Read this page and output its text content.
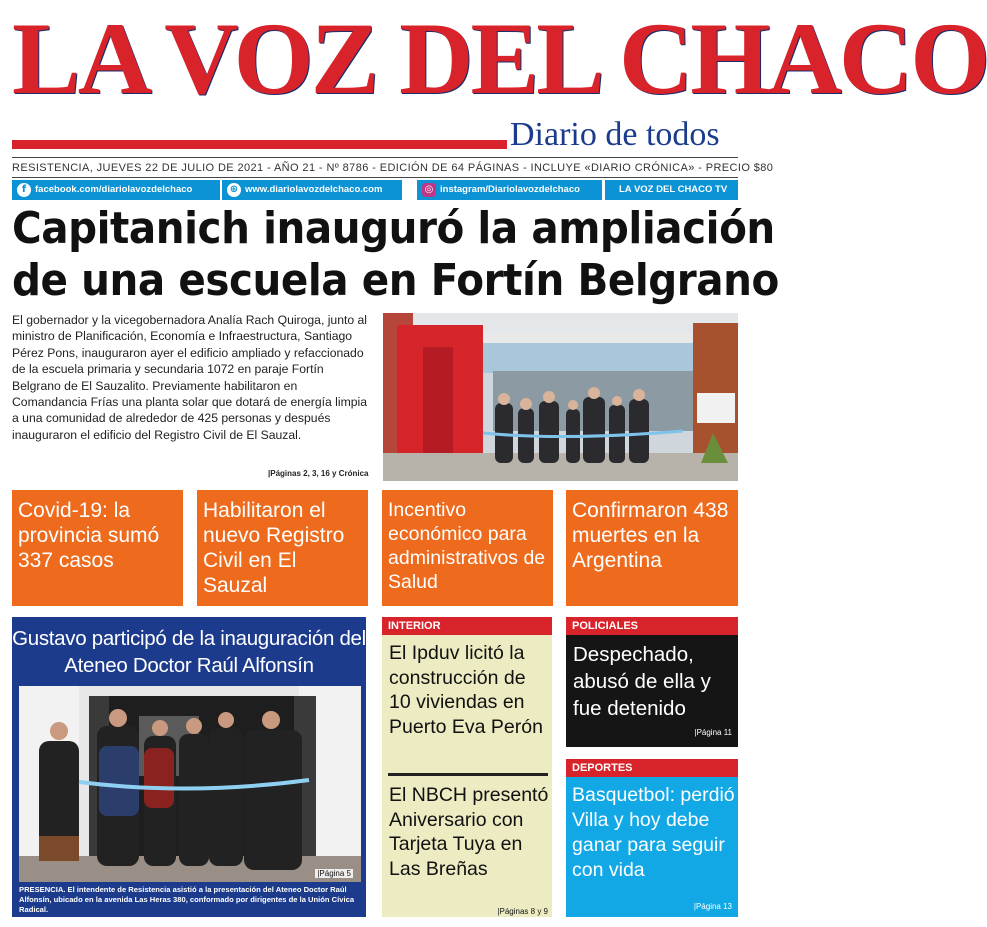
LA VOZ DEL CHACO
Diario de todos
RESISTENCIA, JUEVES 22 DE JULIO DE 2021 - AÑO 21 - Nº 8786 - EDICIÓN DE 64 PÁGINAS - INCLUYE «DIARIO CRÓNICA» - PRECIO $80
f facebook.com/diariolavozdelchaco	⊕ www.diariolavozdelchaco.com	◎ instagram/Diariolavozdelchaco	LA VOZ DEL CHACO TV
Capitanich inauguró la ampliación
de una escuela en Fortín Belgrano
El gobernador y la vicegobernadora Analía Rach Quiroga, junto al ministro de Planificación, Economía e Infraestructura, Santiago Pérez Pons, inauguraron ayer el edificio ampliado y refaccionado de la escuela primaria y secundaria 1072 en paraje Fortín Belgrano de El Sauzalito. Previamente habilitaron en Comandancia Frías una planta solar que dotará de energía limpia a una comunidad de alrededor de 425 personas y después inauguraron el edificio del Registro Civil de El Sauzal.
|Páginas 2, 3, 16 y Crónica
Covid-19: la provincia sumó 337 casos
Habilitaron el nuevo Registro Civil en El Sauzal
Incentivo económico para administrativos de Salud
Confirmaron 438 muertes en la Argentina
Gustavo participó de la inauguración del Ateneo Doctor Raúl Alfonsín
|Página 5
PRESENCIA. El intendente de Resistencia asistió a la presentación del Ateneo Doctor Raúl Alfonsín, ubicado en la avenida Las Heras 380, conformado por dirigentes de la Unión Cívica Radical.
INTERIOR
El Ipduv licitó la construcción de 10 viviendas en Puerto Eva Perón
El NBCH presentó Aniversario con Tarjeta Tuya en Las Breñas
|Páginas 8 y 9
POLICIALES
Despechado, abusó de ella y fue detenido
|Página 11
DEPORTES
Basquetbol: perdió Villa y hoy debe ganar para seguir con vida
|Página 13
